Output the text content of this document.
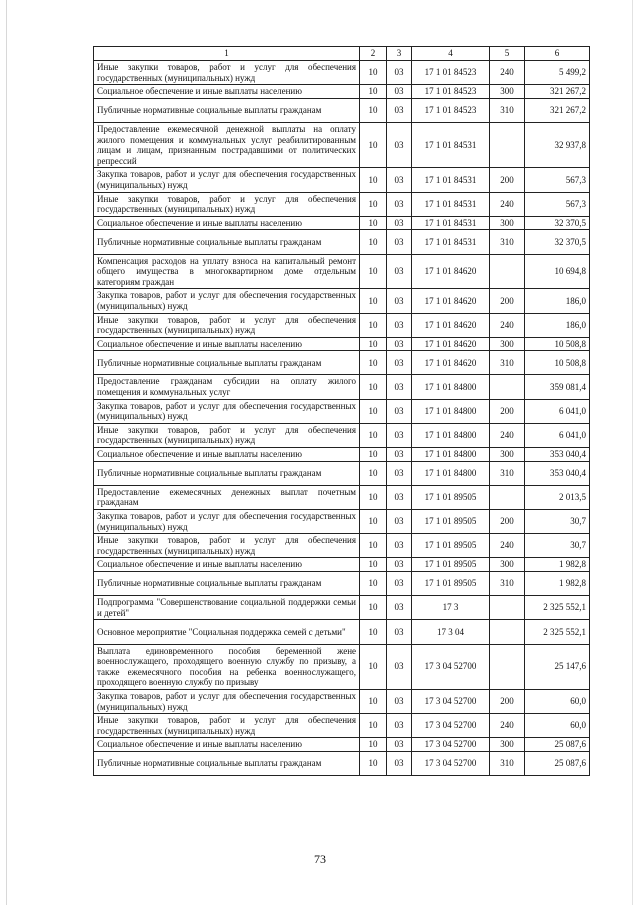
1	2	3	4	5	6
Иные закупки товаров, работ и услуг для обеспечения государственных (муниципальных) нужд	10	03	17 1 01 84523	240	5 499,2
Социальное обеспечение и иные выплаты населению	10	03	17 1 01 84523	300	321 267,2
Публичные нормативные социальные выплаты гражданам	10	03	17 1 01 84523	310	321 267,2
Предоставление ежемесячной денежной выплаты на оплату жилого помещения и коммунальных услуг реабилитированным лицам и лицам, признанным пострадавшими от политических репрессий	10	03	17 1 01 84531		32 937,8
Закупка товаров, работ и услуг для обеспечения государственных (муниципальных) нужд	10	03	17 1 01 84531	200	567,3
Иные закупки товаров, работ и услуг для обеспечения государственных (муниципальных) нужд	10	03	17 1 01 84531	240	567,3
Социальное обеспечение и иные выплаты населению	10	03	17 1 01 84531	300	32 370,5
Публичные нормативные социальные выплаты гражданам	10	03	17 1 01 84531	310	32 370,5
Компенсация расходов на уплату взноса на капитальный ремонт общего имущества в многоквартирном доме отдельным категориям граждан	10	03	17 1 01 84620		10 694,8
Закупка товаров, работ и услуг для обеспечения государственных (муниципальных) нужд	10	03	17 1 01 84620	200	186,0
Иные закупки товаров, работ и услуг для обеспечения государственных (муниципальных) нужд	10	03	17 1 01 84620	240	186,0
Социальное обеспечение и иные выплаты населению	10	03	17 1 01 84620	300	10 508,8
Публичные нормативные социальные выплаты гражданам	10	03	17 1 01 84620	310	10 508,8
Предоставление гражданам субсидии на оплату жилого помещения и коммунальных услуг	10	03	17 1 01 84800		359 081,4
Закупка товаров, работ и услуг для обеспечения государственных (муниципальных) нужд	10	03	17 1 01 84800	200	6 041,0
Иные закупки товаров, работ и услуг для обеспечения государственных (муниципальных) нужд	10	03	17 1 01 84800	240	6 041,0
Социальное обеспечение и иные выплаты населению	10	03	17 1 01 84800	300	353 040,4
Публичные нормативные социальные выплаты гражданам	10	03	17 1 01 84800	310	353 040,4
Предоставление ежемесячных денежных выплат почетным гражданам	10	03	17 1 01 89505		2 013,5
Закупка товаров, работ и услуг для обеспечения государственных (муниципальных) нужд	10	03	17 1 01 89505	200	30,7
Иные закупки товаров, работ и услуг для обеспечения государственных (муниципальных) нужд	10	03	17 1 01 89505	240	30,7
Социальное обеспечение и иные выплаты населению	10	03	17 1 01 89505	300	1 982,8
Публичные нормативные социальные выплаты гражданам	10	03	17 1 01 89505	310	1 982,8
Подпрограмма "Совершенствование социальной поддержки семьи и детей"	10	03	17 3		2 325 552,1
Основное мероприятие "Социальная поддержка семей с детьми"	10	03	17 3 04		2 325 552,1
Выплата единовременного пособия беременной жене военнослужащего, проходящего военную службу по призыву, а также ежемесячного пособия на ребенка военнослужащего, проходящего военную службу по призыву	10	03	17 3 04 52700		25 147,6
Закупка товаров, работ и услуг для обеспечения государственных (муниципальных) нужд	10	03	17 3 04 52700	200	60,0
Иные закупки товаров, работ и услуг для обеспечения государственных (муниципальных) нужд	10	03	17 3 04 52700	240	60,0
Социальное обеспечение и иные выплаты населению	10	03	17 3 04 52700	300	25 087,6
Публичные нормативные социальные выплаты гражданам	10	03	17 3 04 52700	310	25 087,6
73
